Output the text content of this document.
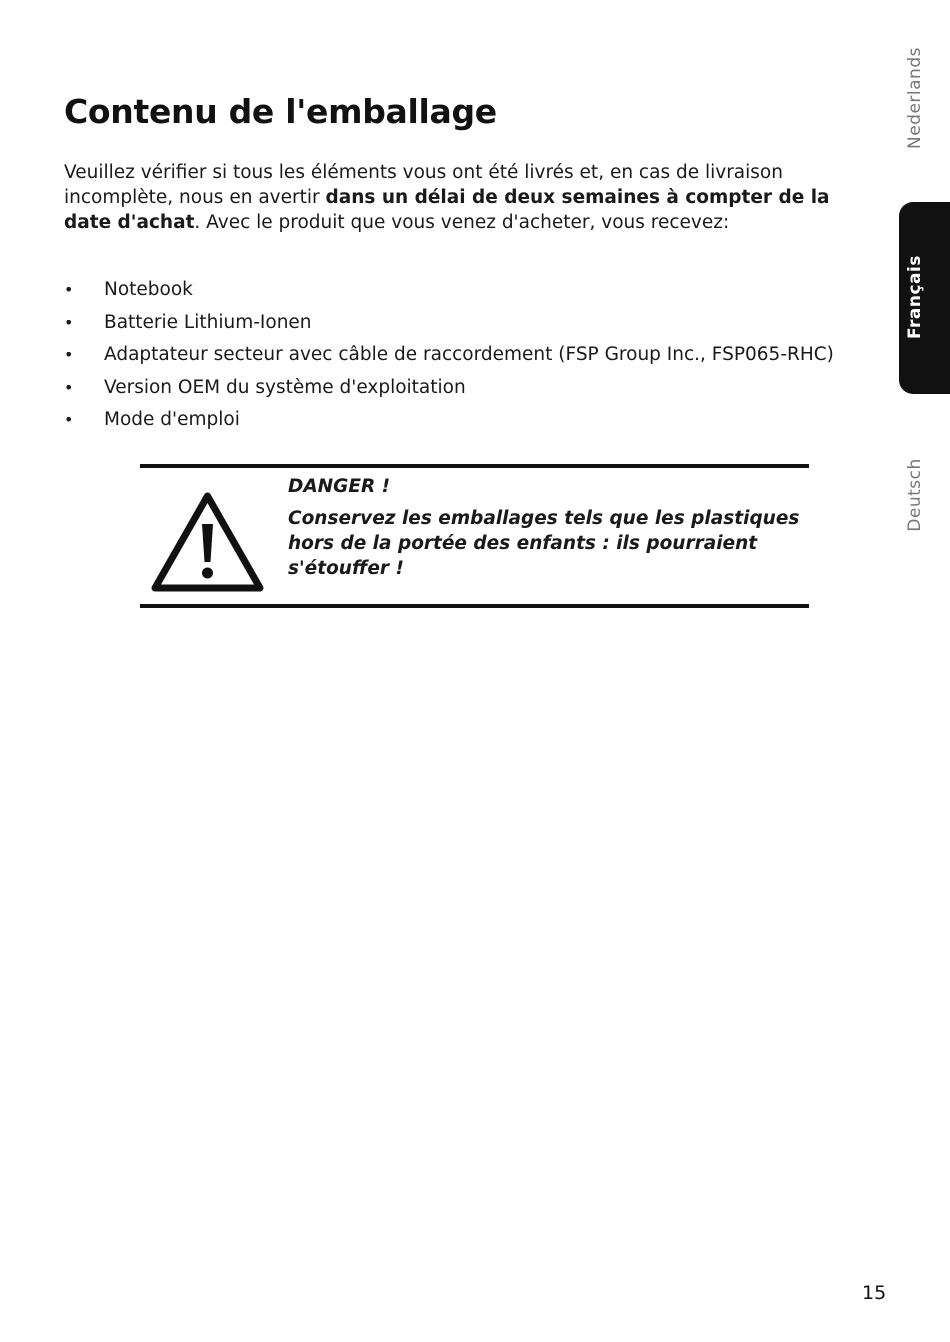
Contenu de l'emballage

Veuillez vérifier si tous les éléments vous ont été livrés et, en cas de livraison incomplète, nous en avertir dans un délai de deux semaines à compter de la date d'achat. Avec le produit que vous venez d'acheter, vous recevez:

• Notebook
• Batterie Lithium-Ionen
• Adaptateur secteur avec câble de raccordement (FSP Group Inc., FSP065-RHC)
• Version OEM du système d'exploitation
• Mode d'emploi

DANGER !

Conservez les emballages tels que les plastiques hors de la portée des enfants : ils pourraient s'étouffer !

Nederlands
Français
Deutsch

15
